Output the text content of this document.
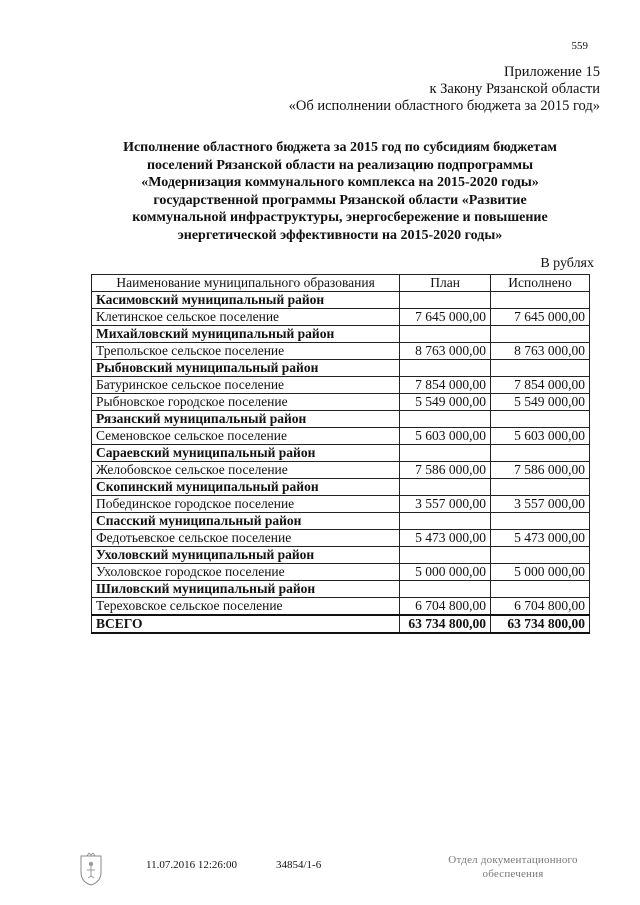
559
Приложение 15
к Закону Рязанской области
«Об исполнении областного бюджета за 2015 год»
Исполнение областного бюджета за 2015 год по субсидиям бюджетам
поселений Рязанской области на реализацию подпрограммы
«Модернизация коммунального комплекса на 2015-2020 годы»
государственной программы Рязанской области «Развитие
коммунальной инфраструктуры, энергосбережение и повышение
энергетической эффективности на 2015-2020 годы»
В рублях
Наименование муниципального образования	План	Исполнено
Касимовский муниципальный район		
Клетинское сельское поселение	7 645 000,00	7 645 000,00
Михайловский муниципальный район		
Трепольское сельское поселение	8 763 000,00	8 763 000,00
Рыбновский муниципальный район		
Батуринское сельское поселение	7 854 000,00	7 854 000,00
Рыбновское городское поселение	5 549 000,00	5 549 000,00
Рязанский муниципальный район		
Семеновское сельское поселение	5 603 000,00	5 603 000,00
Сараевский муниципальный район		
Желобовское сельское поселение	7 586 000,00	7 586 000,00
Скопинский муниципальный район		
Побединское городское поселение	3 557 000,00	3 557 000,00
Спасский муниципальный район		
Федотьевское сельское поселение	5 473 000,00	5 473 000,00
Ухоловский муниципальный район		
Ухоловское городское поселение	5 000 000,00	5 000 000,00
Шиловский муниципальный район		
Тереховское сельское поселение	6 704 800,00	6 704 800,00
ВСЕГО	63 734 800,00	63 734 800,00
11.07.2016 12:26:00	34854/1-6	Отдел документационного
обеспечения
